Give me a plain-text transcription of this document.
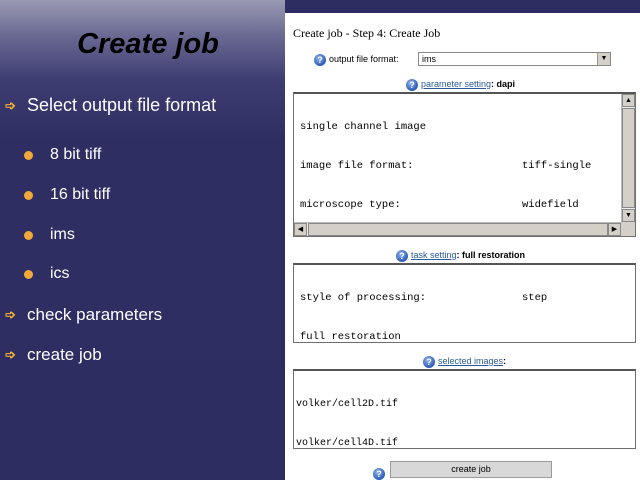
Create job
➩ Select output file format
8 bit tiff
16 bit tiff
ims
ics
➩ check parameters
➩ create job
Create job - Step 4: Create Job
? output file format:	ims	▼
? parameter setting: dapi

single channel image

image file format:	tiff-single

microscope type:	widefield

▲
▼
◀	▶
? task setting: full restoration

style of processing:	step

full restoration

? selected images:

volker/cell2D.tif

volker/cell4D.tif

?	create job
